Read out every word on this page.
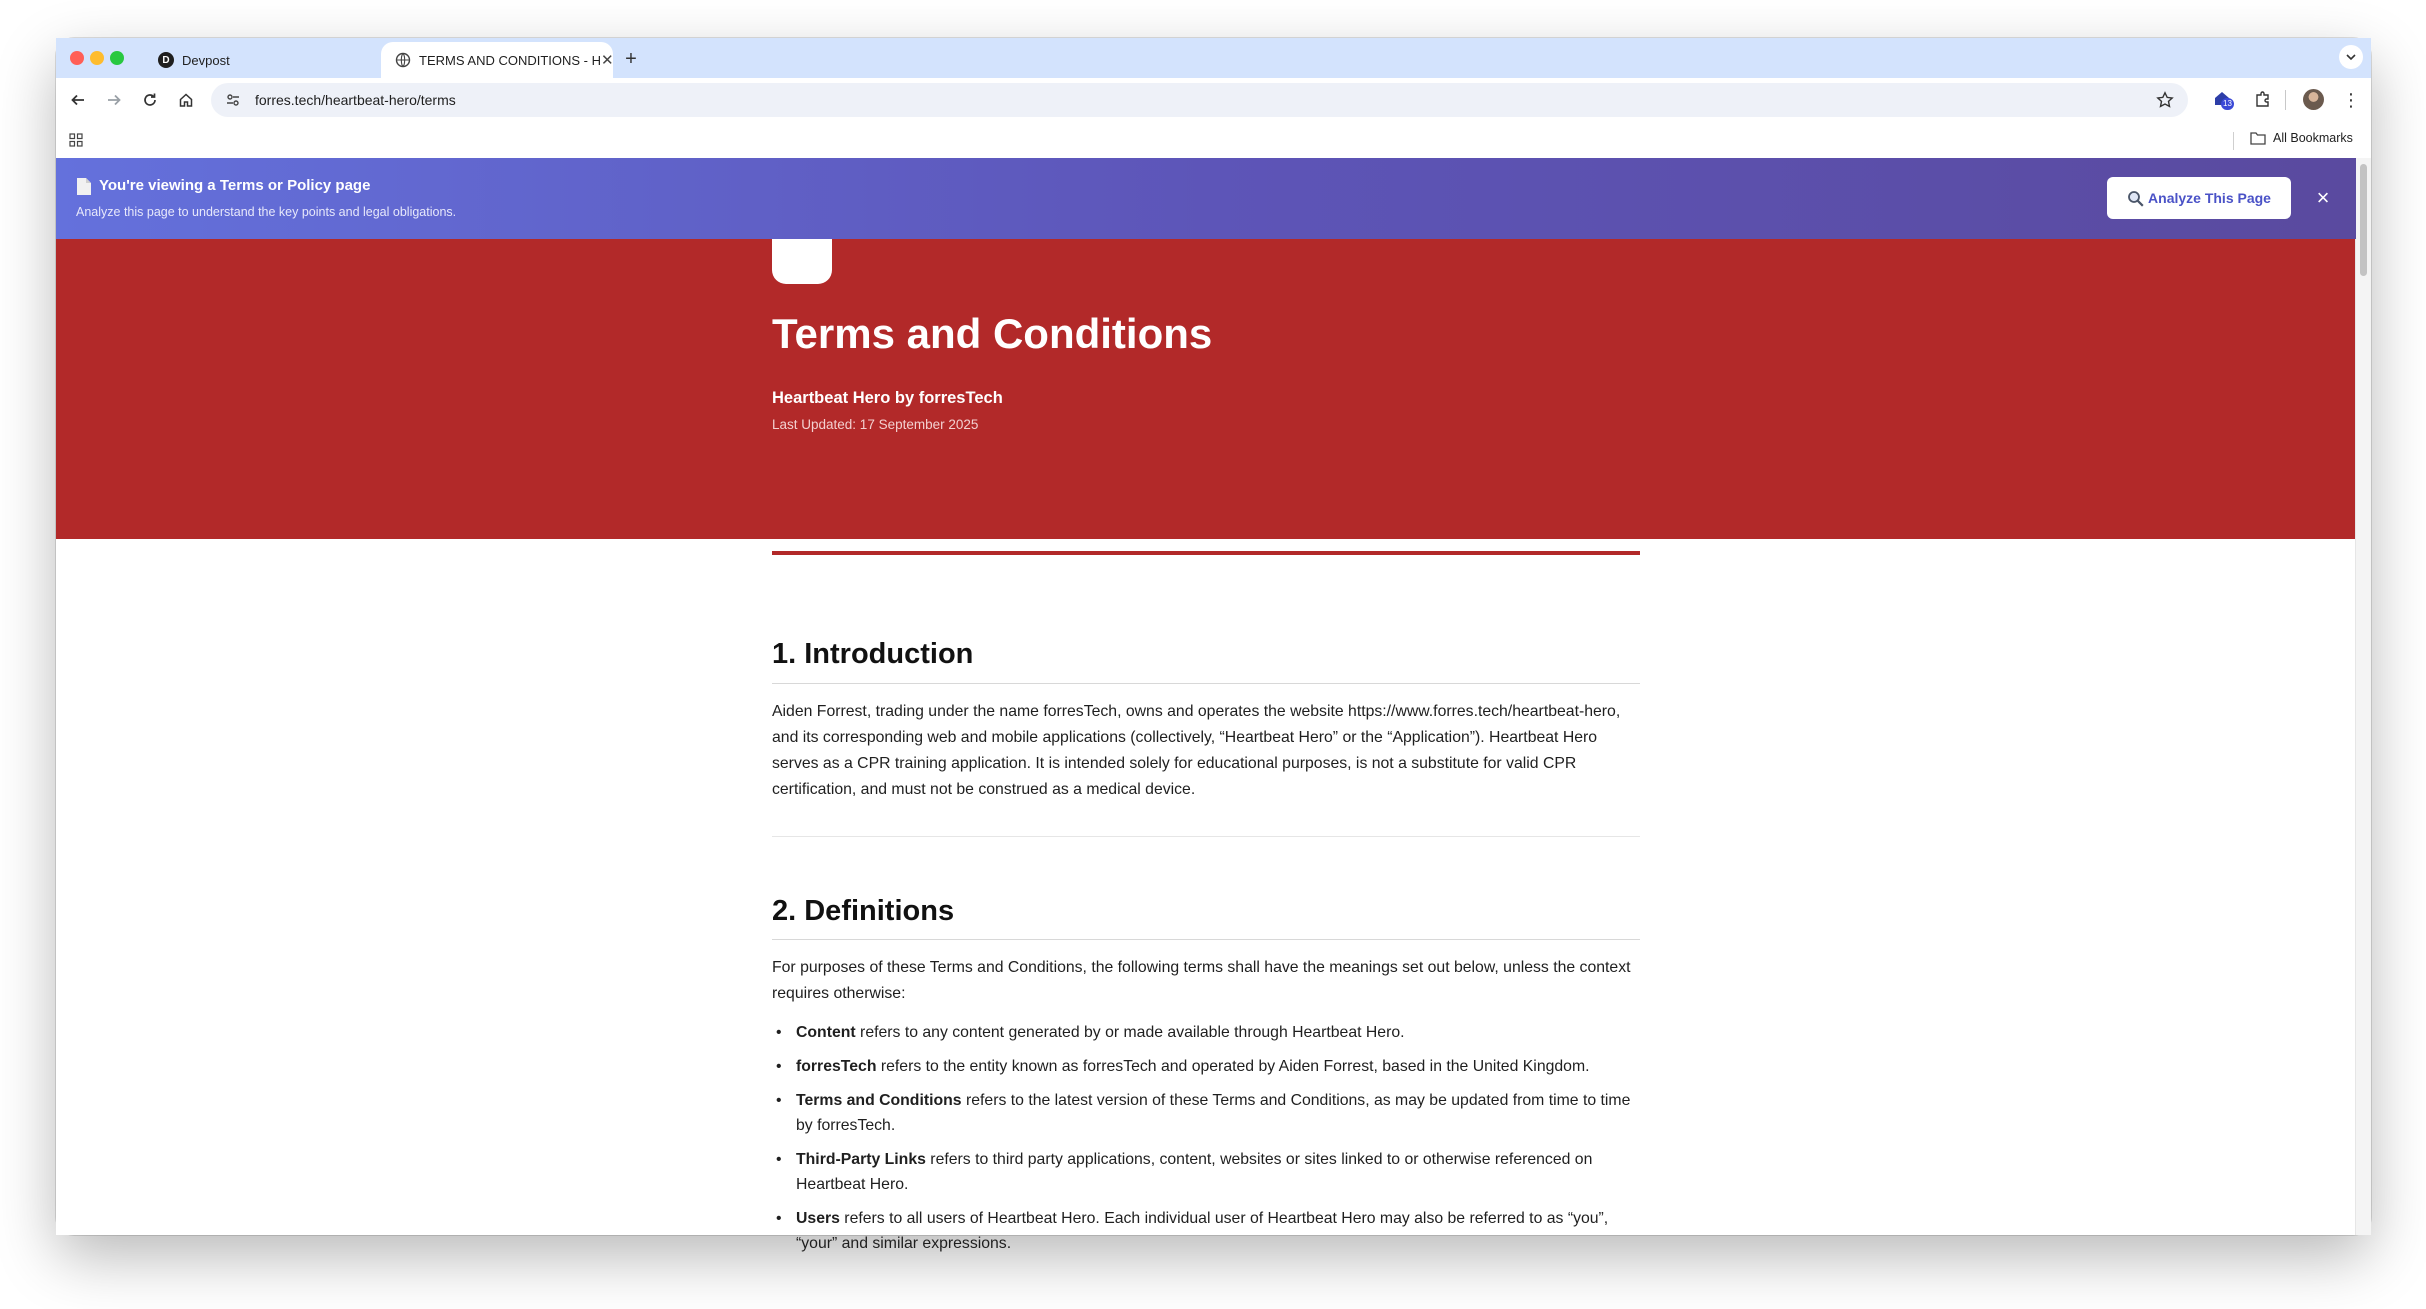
D Devpost	TERMS AND CONDITIONS - H ✕ +
forres.tech/heartbeat-hero/terms	13	⋮
All Bookmarks
Terms and Conditions
Heartbeat Hero by forresTech
Last Updated: 17 September 2025
You're viewing a Terms or Policy page
Analyze this page to understand the key points and legal obligations.
Analyze This Page ×
1. Introduction
Aiden Forrest, trading under the name forresTech, owns and operates the website https://www.forres.tech/heartbeat-hero, and its corresponding web and mobile applications (collectively, “Heartbeat Hero” or the “Application”). Heartbeat Hero serves as a CPR training application. It is intended solely for educational purposes, is not a substitute for valid CPR certification, and must not be construed as a medical device.
2. Definitions
For purposes of these Terms and Conditions, the following terms shall have the meanings set out below, unless the context requires otherwise:
• Content refers to any content generated by or made available through Heartbeat Hero.
• forresTech refers to the entity known as forresTech and operated by Aiden Forrest, based in the United Kingdom.
• Terms and Conditions refers to the latest version of these Terms and Conditions, as may be updated from time to time by forresTech.
• Third-Party Links refers to third party applications, content, websites or sites linked to or otherwise referenced on Heartbeat Hero.
• Users refers to all users of Heartbeat Hero. Each individual user of Heartbeat Hero may also be referred to as “you”, “your” and similar expressions.
